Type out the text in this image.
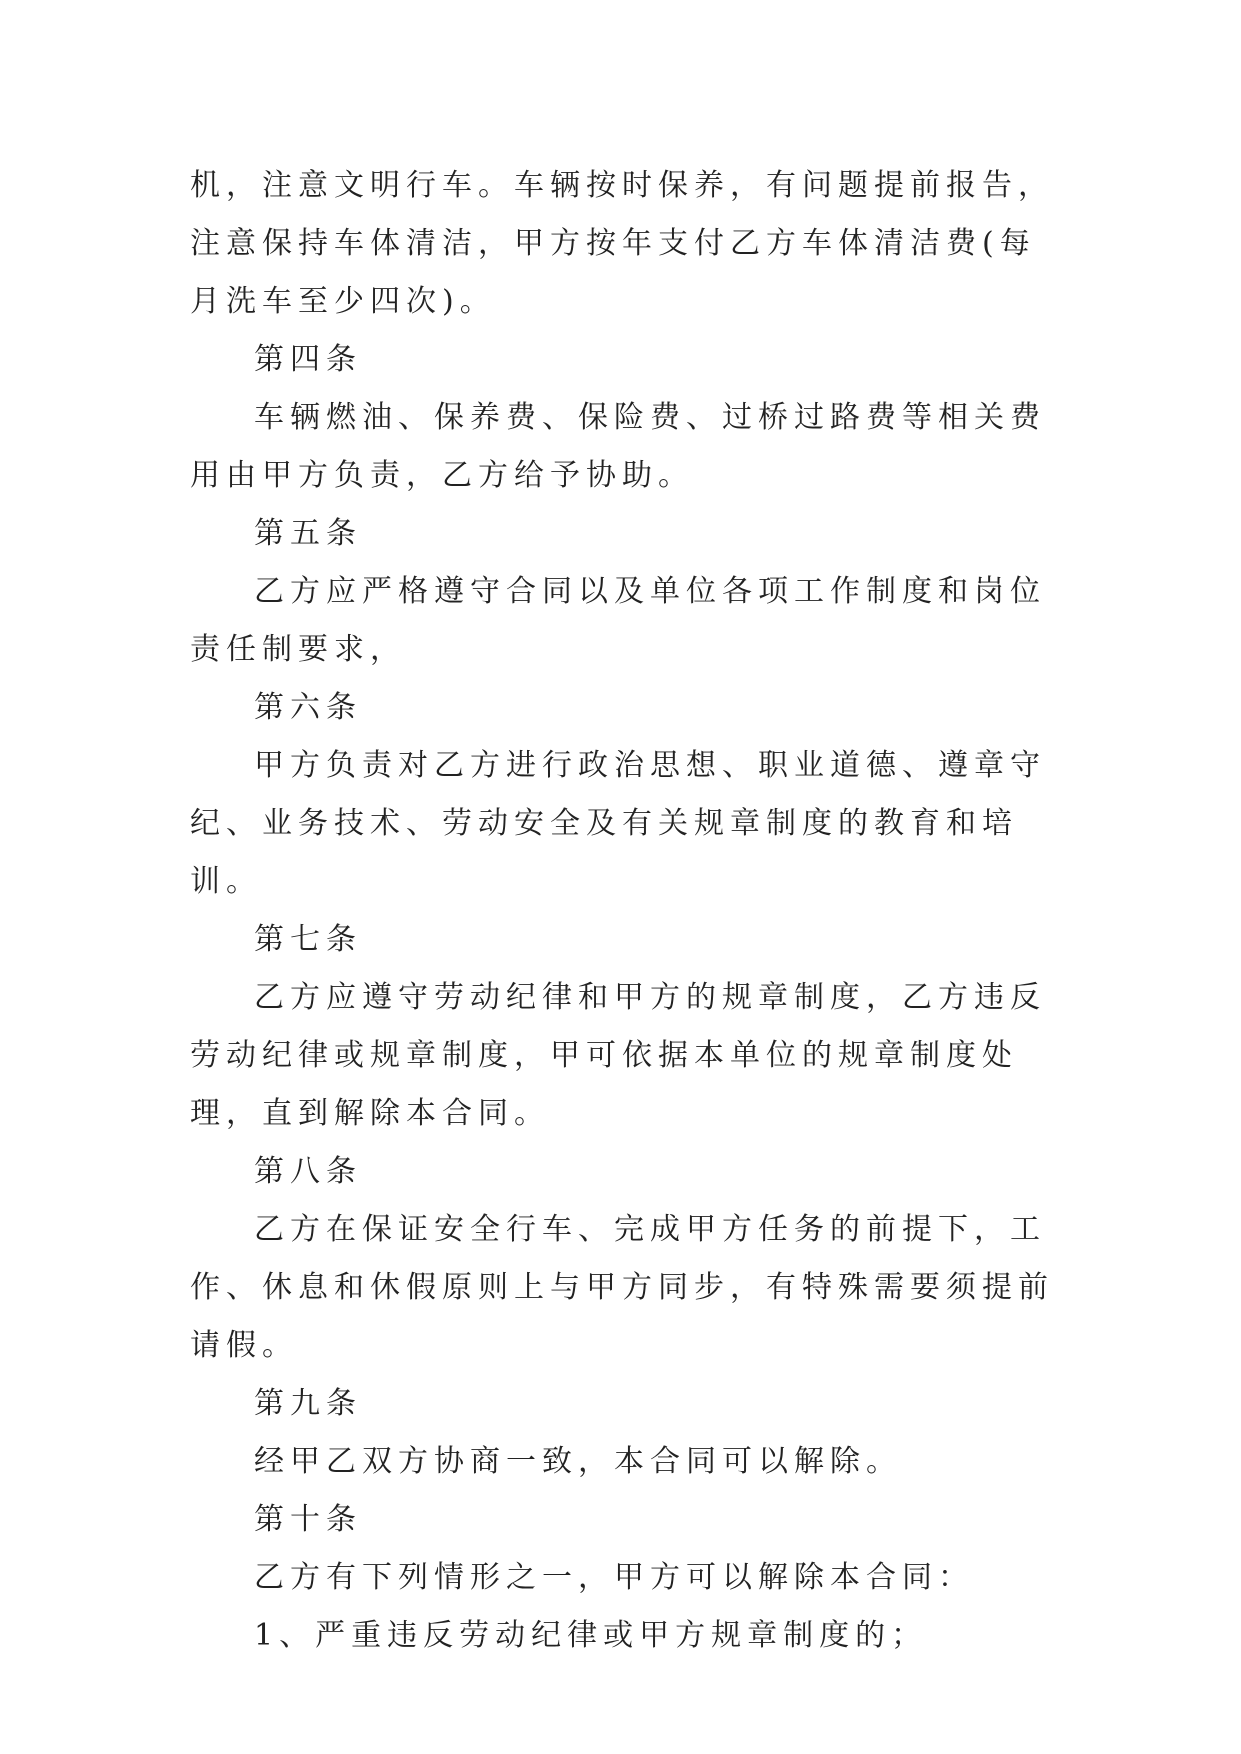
机，注意文明行车。车辆按时保养，有问题提前报告，注意保持车体清洁，甲方按年支付乙方车体清洁费(每月洗车至少四次)。

第四条

车辆燃油、保养费、保险费、过桥过路费等相关费用由甲方负责，乙方给予协助。

第五条

乙方应严格遵守合同以及单位各项工作制度和岗位责任制要求，

第六条

甲方负责对乙方进行政治思想、职业道德、遵章守纪、业务技术、劳动安全及有关规章制度的教育和培训。

第七条

乙方应遵守劳动纪律和甲方的规章制度，乙方违反劳动纪律或规章制度，甲可依据本单位的规章制度处理，直到解除本合同。

第八条

乙方在保证安全行车、完成甲方任务的前提下，工作、休息和休假原则上与甲方同步，有特殊需要须提前请假。

第九条

经甲乙双方协商一致，本合同可以解除。

第十条

乙方有下列情形之一，甲方可以解除本合同：

1、严重违反劳动纪律或甲方规章制度的；
